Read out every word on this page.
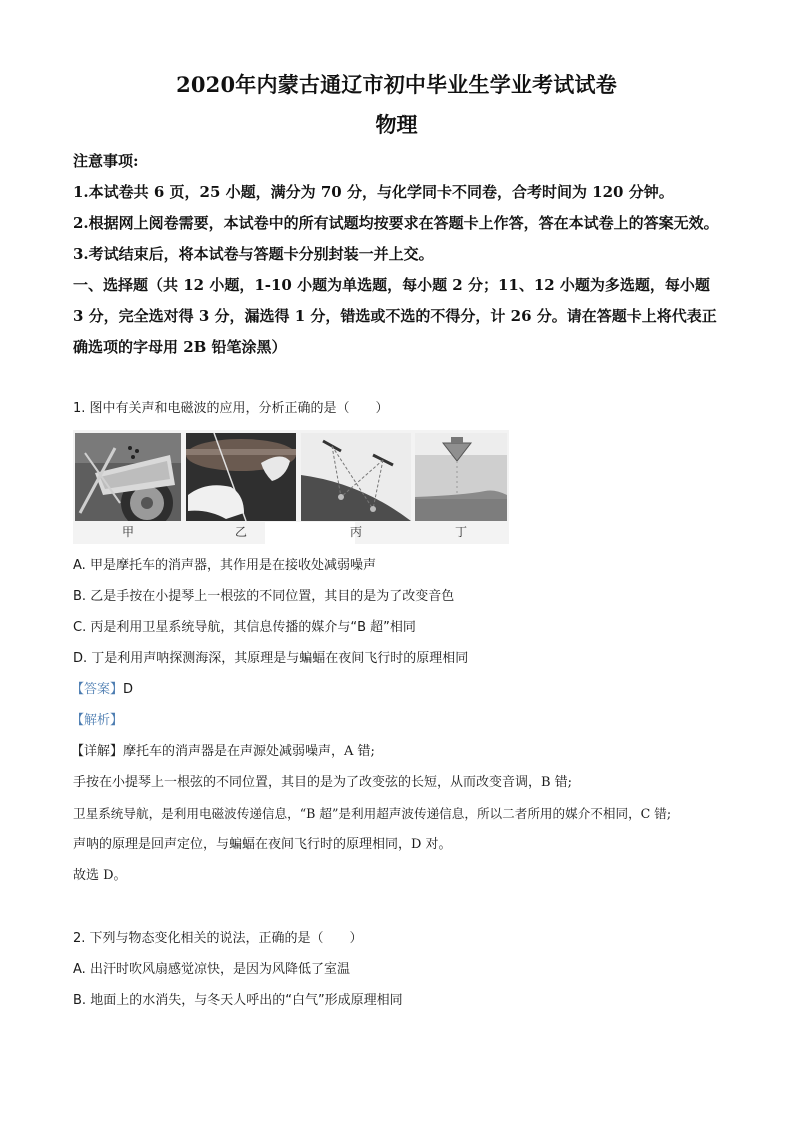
2020年内蒙古通辽市初中毕业生学业考试试卷
物理

注意事项:

1.本试卷共 6 页，25 小题，满分为 70 分，与化学同卡不同卷，合考时间为 120 分钟。

2.根据网上阅卷需要，本试卷中的所有试题均按要求在答题卡上作答，答在本试卷上的答案无效。

3.考试结束后，将本试卷与答题卡分别封装一并上交。

一、选择题（共 12 小题，1-10 小题为单选题，每小题 2 分；11、12 小题为多选题，每小题 3 分，完全选对得 3 分，漏选得 1 分，错选或不选的不得分，计 26 分。请在答题卡上将代表正确选项的字母用 2B 铅笔涂黑）

1. 图中有关声和电磁波的应用，分析正确的是（　　）
甲	乙	丙	丁
A. 甲是摩托车的消声器，其作用是在接收处减弱噪声
B. 乙是手按在小提琴上一根弦的不同位置，其目的是为了改变音色
C. 丙是利用卫星系统导航，其信息传播的媒介与“B 超”相同
D. 丁是利用声呐探测海深，其原理是与蝙蝠在夜间飞行时的原理相同
【答案】D
【解析】
【详解】摩托车的消声器是在声源处减弱噪声，A 错;
手按在小提琴上一根弦的不同位置，其目的是为了改变弦的长短，从而改变音调，B 错;
卫星系统导航，是利用电磁波传递信息，“B 超”是利用超声波传递信息，所以二者所用的媒介不相同，C 错;
声呐的原理是回声定位，与蝙蝠在夜间飞行时的原理相同，D 对。
故选 D。
2. 下列与物态变化相关的说法，正确的是（　　）
A. 出汗时吹风扇感觉凉快，是因为风降低了室温
B. 地面上的水消失，与冬天人呼出的“白气”形成原理相同
